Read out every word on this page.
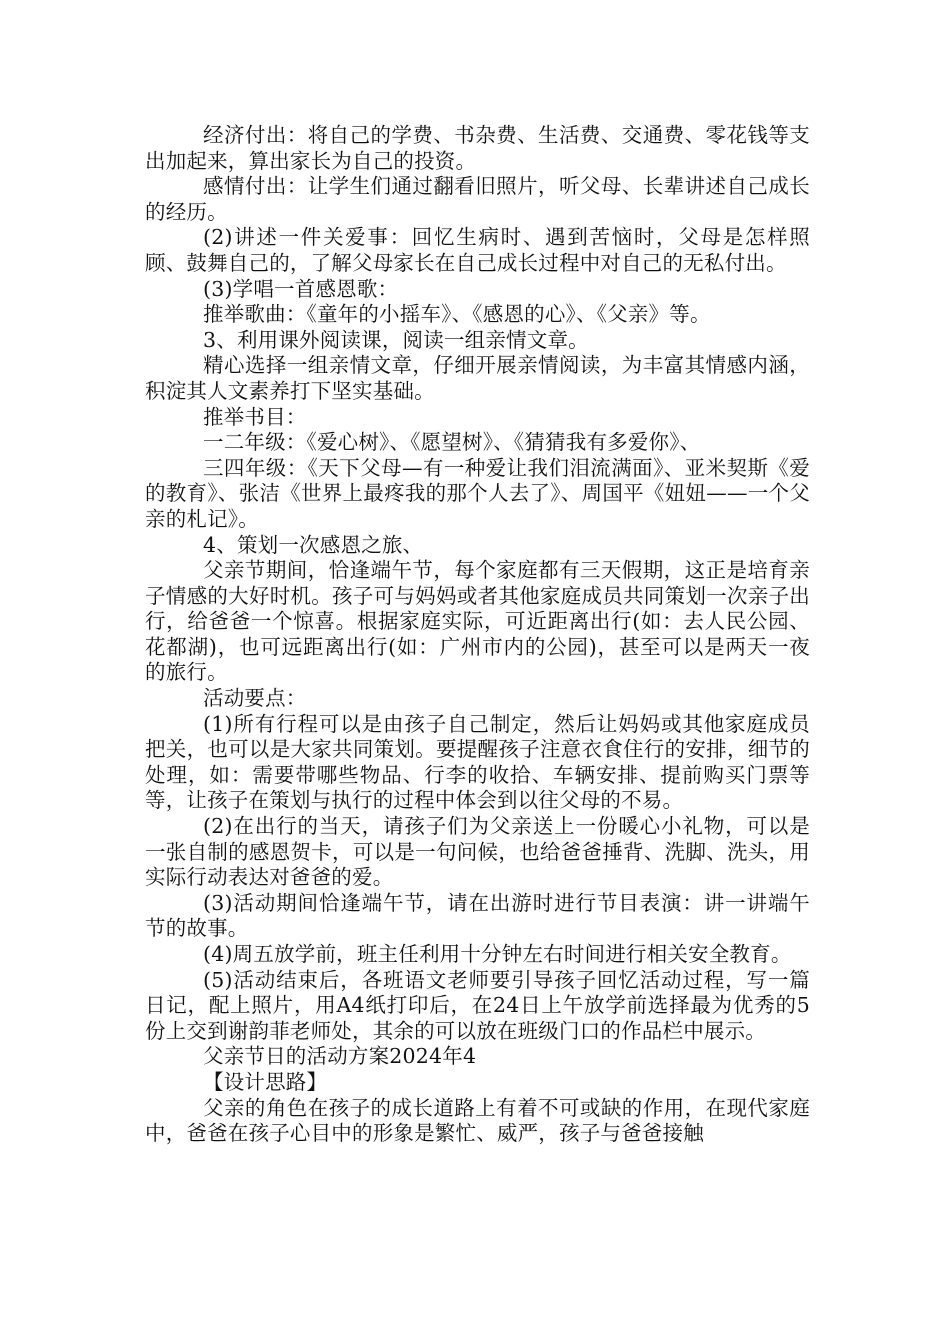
经济付出：将自己的学费、书杂费、生活费、交通费、零花钱等支出加起来，算出家长为自己的投资。

感情付出：让学生们通过翻看旧照片，听父母、长辈讲述自己成长的经历。

(2)讲述一件关爱事：回忆生病时、遇到苦恼时，父母是怎样照顾、鼓舞自己的，了解父母家长在自己成长过程中对自己的无私付出。

(3)学唱一首感恩歌：

推举歌曲：《童年的小摇车》、《感恩的心》、《父亲》等。

3、利用课外阅读课，阅读一组亲情文章。

精心选择一组亲情文章，仔细开展亲情阅读，为丰富其情感内涵，积淀其人文素养打下坚实基础。

推举书目：

一二年级：《爱心树》、《愿望树》、《猜猜我有多爱你》、

三四年级：《天下父母—有一种爱让我们泪流满面》、亚米契斯《爱的教育》、张洁《世界上最疼我的那个人去了》、周国平《妞妞——一个父亲的札记》。

4、策划一次感恩之旅、

父亲节期间，恰逢端午节，每个家庭都有三天假期，这正是培育亲子情感的大好时机。孩子可与妈妈或者其他家庭成员共同策划一次亲子出行，给爸爸一个惊喜。根据家庭实际，可近距离出行(如：去人民公园、花都湖)，也可远距离出行(如：广州市内的公园)，甚至可以是两天一夜的旅行。

活动要点：

(1)所有行程可以是由孩子自己制定，然后让妈妈或其他家庭成员把关，也可以是大家共同策划。要提醒孩子注意衣食住行的安排，细节的处理，如：需要带哪些物品、行李的收拾、车辆安排、提前购买门票等等，让孩子在策划与执行的过程中体会到以往父母的不易。

(2)在出行的当天，请孩子们为父亲送上一份暖心小礼物，可以是一张自制的感恩贺卡，可以是一句问候，也给爸爸捶背、洗脚、洗头，用实际行动表达对爸爸的爱。

(3)活动期间恰逢端午节，请在出游时进行节目表演：讲一讲端午节的故事。

(4)周五放学前，班主任利用十分钟左右时间进行相关安全教育。

(5)活动结束后，各班语文老师要引导孩子回忆活动过程，写一篇日记，配上照片，用A4纸打印后，在24日上午放学前选择最为优秀的5份上交到谢韵菲老师处，其余的可以放在班级门口的作品栏中展示。

父亲节日的活动方案2024年4

【设计思路】

父亲的角色在孩子的成长道路上有着不可或缺的作用，在现代家庭中，爸爸在孩子心目中的形象是繁忙、威严，孩子与爸爸接触
